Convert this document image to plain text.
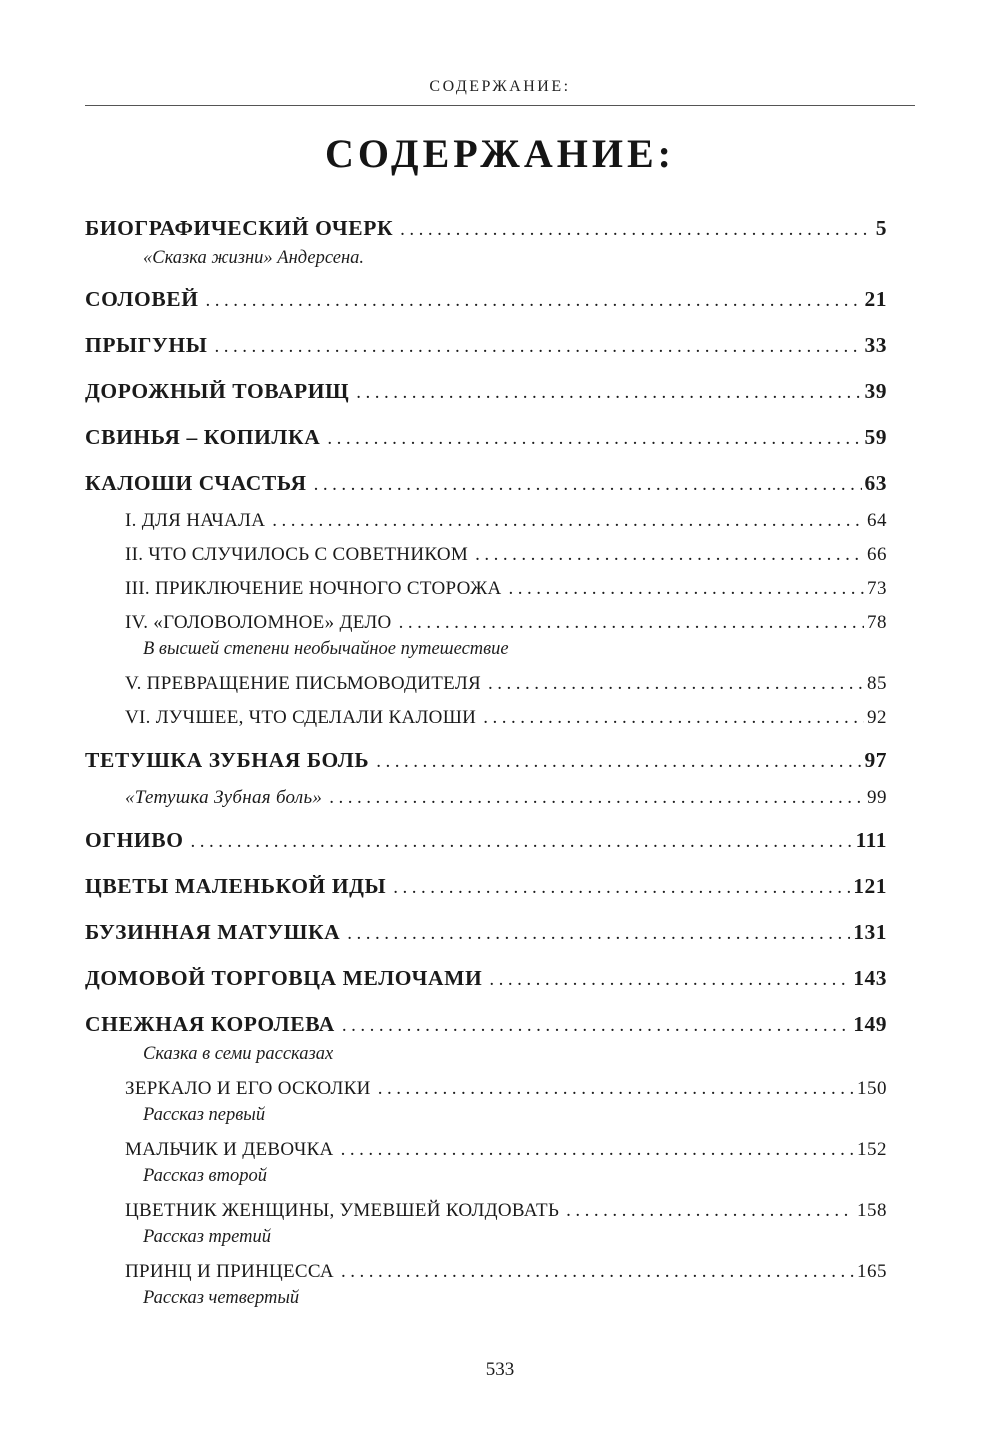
СОДЕРЖАНИЕ:
СОДЕРЖАНИЕ:
БИОГРАФИЧЕСКИЙ ОЧЕРК .....	5
«Сказка жизни» Андерсена.
СОЛОВЕЙ .....	21
ПРЫГУНЫ .....	33
ДОРОЖНЫЙ ТОВАРИЩ .....	39
СВИНЬЯ – КОПИЛКА .....	59
КАЛОШИ СЧАСТЬЯ .....	63
I. ДЛЯ НАЧАЛА .....	64
II. ЧТО СЛУЧИЛОСЬ С СОВЕТНИКОМ .....	66
III. ПРИКЛЮЧЕНИЕ НОЧНОГО СТОРОЖА .....	73
IV. «ГОЛОВОЛОМНОЕ» ДЕЛО .....	78
В высшей степени необычайное путешествие
V. ПРЕВРАЩЕНИЕ ПИСЬМОВОДИТЕЛЯ .....	85
VI. ЛУЧШЕЕ, ЧТО СДЕЛАЛИ КАЛОШИ .....	92
ТЕТУШКА ЗУБНАЯ БОЛЬ .....	97
«Тетушка Зубная боль» .....	99
ОГНИВО .....	111
ЦВЕТЫ МАЛЕНЬКОЙ ИДЫ .....	121
БУЗИННАЯ МАТУШКА .....	131
ДОМОВОЙ ТОРГОВЦА МЕЛОЧАМИ .....	143
СНЕЖНАЯ КОРОЛЕВА .....	149
Сказка в семи рассказах
ЗЕРКАЛО И ЕГО ОСКОЛКИ .....	150
Рассказ первый
МАЛЬЧИК И ДЕВОЧКА .....	152
Рассказ второй
ЦВЕТНИК ЖЕНЩИНЫ, УМЕВШЕЙ КОЛДОВАТЬ .....	158
Рассказ третий
ПРИНЦ И ПРИНЦЕССА .....	165
Рассказ четвертый
533
